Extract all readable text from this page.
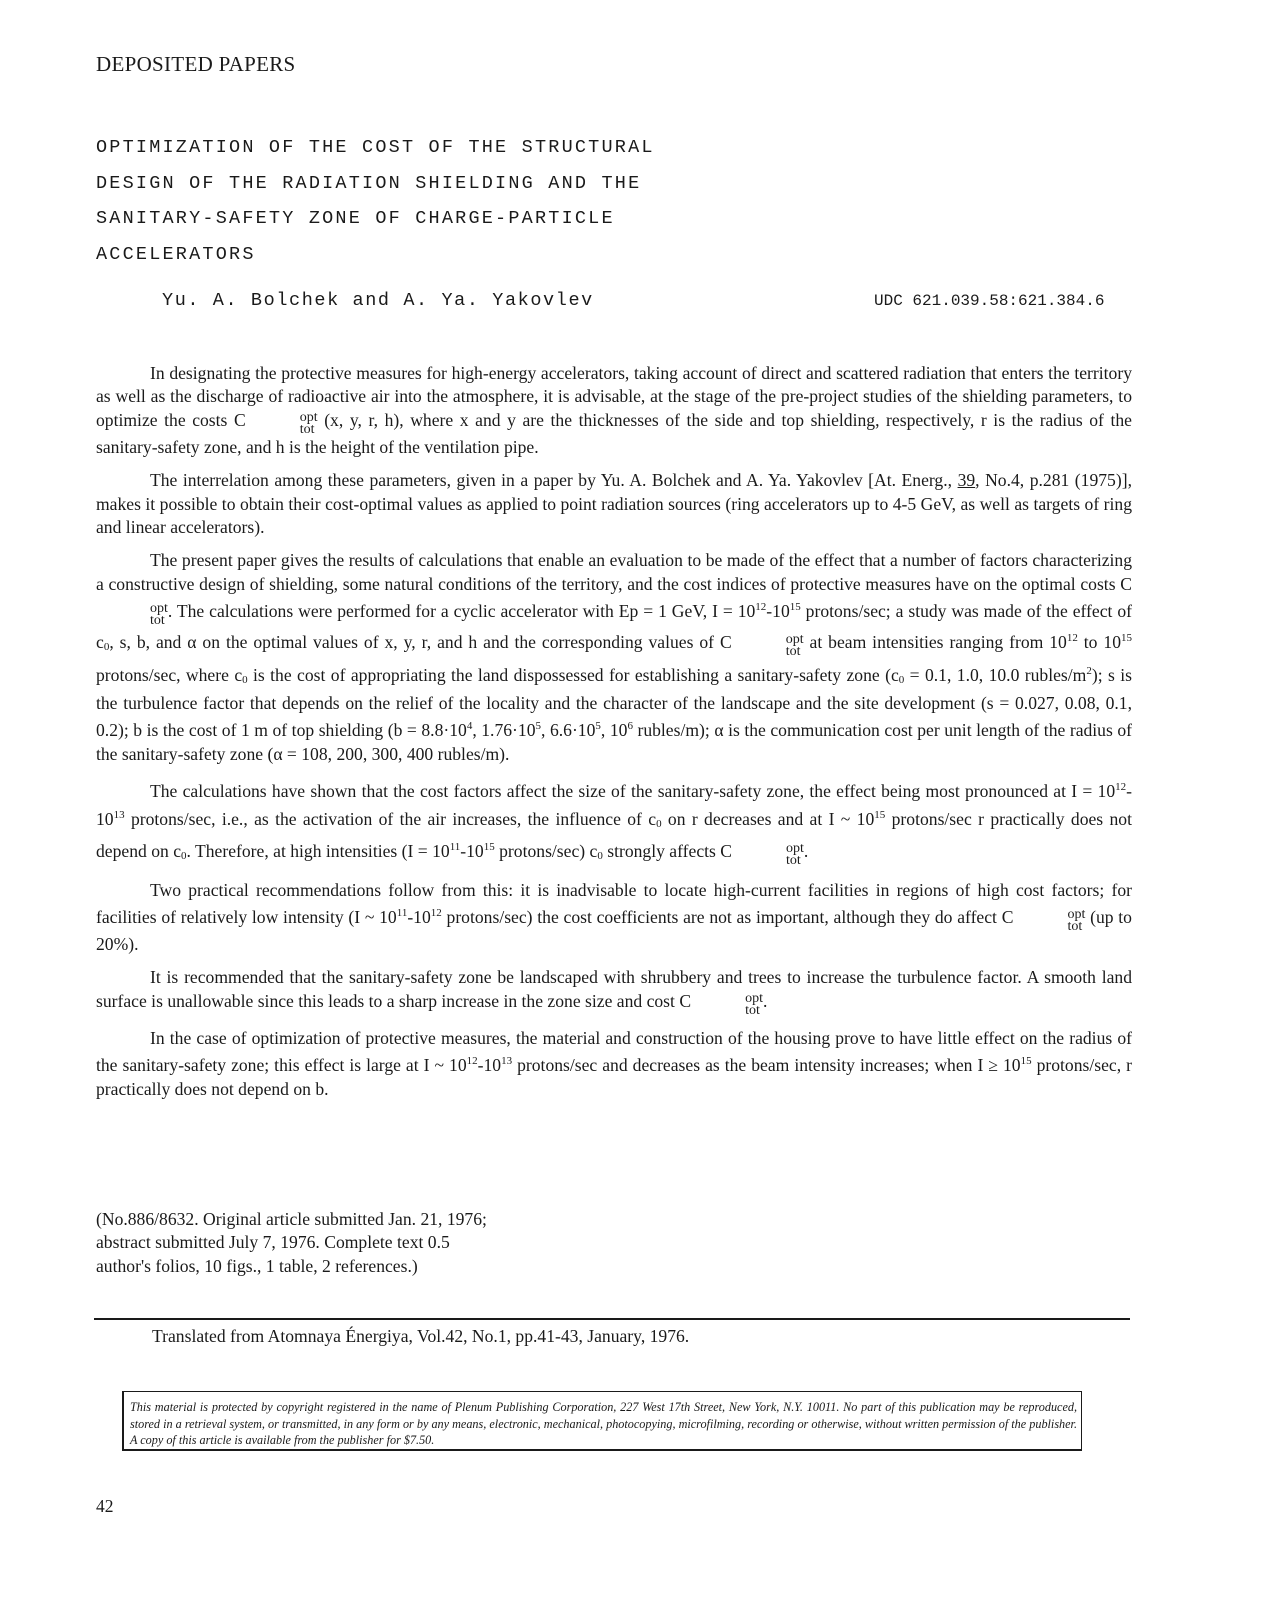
DEPOSITED PAPERS
OPTIMIZATION OF THE COST OF THE STRUCTURAL
DESIGN OF THE RADIATION SHIELDING AND THE
SANITARY-SAFETY ZONE OF CHARGE-PARTICLE
ACCELERATORS
Yu. A. Bolchek and A. Ya. Yakovlev	UDC 621.039.58:621.384.6

In designating the protective measures for high-energy accelerators, taking account of direct and scattered radiation that enters the territory as well as the discharge of radioactive air into the atmosphere, it is advisable, at the stage of the pre-project studies of the shielding parameters, to optimize the costs C	opt
tot (x, y, r, h), where x and y are the thicknesses of the side and top shielding, respectively, r is the radius of the sanitary-safety zone, and h is the height of the ventilation pipe.

The interrelation among these parameters, given in a paper by Yu. A. Bolchek and A. Ya. Yakovlev [At. Energ., 39, No.4, p.281 (1975)], makes it possible to obtain their cost-optimal values as applied to point radiation sources (ring accelerators up to 4-5 GeV, as well as targets of ring and linear accelerators).

The present paper gives the results of calculations that enable an evaluation to be made of the effect that a number of factors characterizing a constructive design of shielding, some natural conditions of the territory, and the cost indices of protective measures have on the optimal costs C
opt
tot . The calculations were performed for a cyclic accelerator with Ep = 1 GeV, $I = 10^{12}-10^{15}$ protons/sec; a study was made of the effect of c0, s, b, and α on the optimal values of x, y, r, and h and the corresponding values of C	opt
tot at beam intensities ranging from $10^{12}$ to $10^{15}$ protons/sec, where c0 is the cost of appropriating the land dispossessed for establishing a sanitary-safety zone (c0 = 0.1, 1.0, 10.0 rubles/$m^2$); s is the turbulence factor that depends on the relief of the locality and the character of the landscape and the site development (s = 0.027, 0.08, 0.1, 0.2); b is the cost of 1 m of top shielding ($b = 8.8\cdot 10^4$, $1.76\cdot 10^5$, $6.6\cdot 10^5$, $10^6$ rubles/m); α is the communication cost per unit length of the radius of the sanitary-safety zone (α = 108, 200, 300, 400 rubles/m).

The calculations have shown that the cost factors affect the size of the sanitary-safety zone, the effect being most pronounced at $I = 10^{12}-10^{13}$ protons/sec, i.e., as the activation of the air increases, the influence of c0 on r decreases and at I ~ $10^{15}$ protons/sec r practically does not depend on c0. Therefore, at high intensities ($I = 10^{11}-10^{15}$ protons/sec) c0 strongly affects C	opt
tot .

Two practical recommendations follow from this: it is inadvisable to locate high-current facilities in regions of high cost factors; for facilities of relatively low intensity (I ~ $10^{11}-10^{12}$ protons/sec) the cost coefficients are not as important, although they do affect C	opt
tot (up to 20%).

It is recommended that the sanitary-safety zone be landscaped with shrubbery and trees to increase the turbulence factor. A smooth land surface is unallowable since this leads to a sharp increase in the zone size and cost C	opt
tot .

In the case of optimization of protective measures, the material and construction of the housing prove to have little effect on the radius of the sanitary-safety zone; this effect is large at I ~ $10^{12}-10^{13}$ protons/sec and decreases as the beam intensity increases; when $I \ge 10^{15}$ protons/sec, r practically does not depend on b.

(No.886/8632. Original article submitted Jan. 21, 1976;
abstract submitted July 7, 1976. Complete text 0.5
author's folios, 10 figs., 1 table, 2 references.)
Translated from Atomnaya Énergiya, Vol.42, No.1, pp.41-43, January, 1976.
This material is protected by copyright registered in the name of Plenum Publishing Corporation, 227 West 17th Street, New York, N.Y. 10011. No part of this publication may be reproduced, stored in a retrieval system, or transmitted, in any form or by any means, electronic, mechanical, photocopying, microfilming, recording or otherwise, without written permission of the publisher. A copy of this article is available from the publisher for $7.50.
42
